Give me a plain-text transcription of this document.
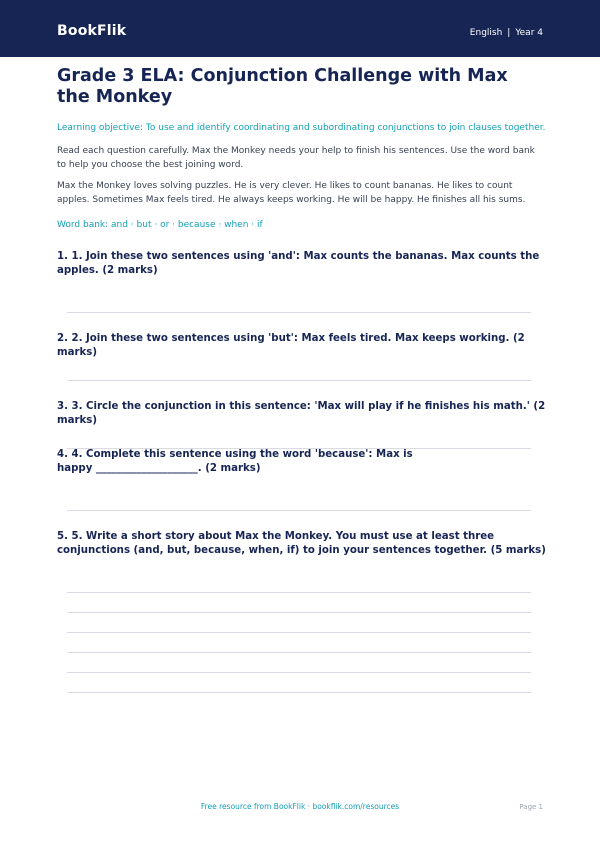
BookFlik	English | Year 4
Grade 3 ELA: Conjunction Challenge with Max the Monkey
Learning objective: To use and identify coordinating and subordinating conjunctions to join clauses together.

Read each question carefully. Max the Monkey needs your help to finish his sentences. Use the word bank to help you choose the best joining word.

Max the Monkey loves solving puzzles. He is very clever. He likes to count bananas. He likes to count apples. Sometimes Max feels tired. He always keeps working. He will be happy. He finishes all his sums.

Word bank: and · but · or · because · when · if

1. 1. Join these two sentences using 'and': Max counts the bananas. Max counts the apples. (2 marks)

2. 2. Join these two sentences using 'but': Max feels tired. Max keeps working. (2 marks)

3. 3. Circle the conjunction in this sentence: 'Max will play if he finishes his math.' (2 marks)

4. 4. Complete this sentence using the word 'because': Max is happy ____________________. (2 marks)

5. 5. Write a short story about Max the Monkey. You must use at least three conjunctions (and, but, because, when, if) to join your sentences together. (5 marks)

Free resource from BookFlik · bookflik.com/resources	Page 1
